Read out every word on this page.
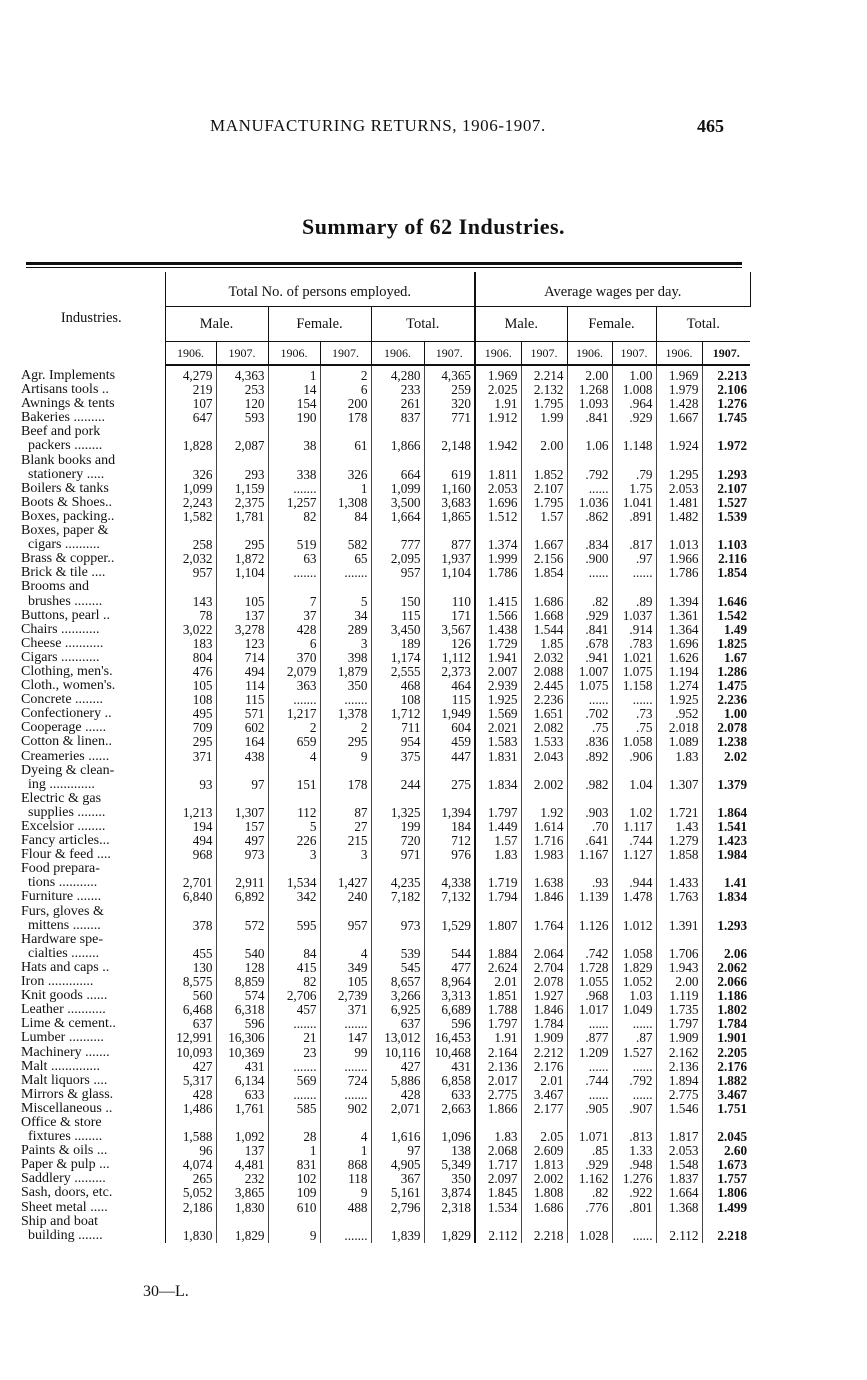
MANUFACTURING RETURNS, 1906-1907.	465
Summary of 62 Industries.
Industries.	Total No. of persons employed.						Average wages per day.					
	Male.		Female.		Total.		Male.		Female.		Total.	
	1906.	1907.	1906.	1907.	1906.	1907.	1906.	1907.	1906.	1907.	1906.	1907.
Agr. Implements	4,279	4,363	1	2	4,280	4,365	1.969	2.214	2.00	1.00	1.969	2.213
Artisans tools ..	219	253	14	6	233	259	2.025	2.132	1.268	1.008	1.979	2.106
Awnings & tents	107	120	154	200	261	320	1.91	1.795	1.093	.964	1.428	1.276
Bakeries .........	647	593	190	178	837	771	1.912	1.99	.841	.929	1.667	1.745
Beef and pork												
packers ........	1,828	2,087	38	61	1,866	2,148	1.942	2.00	1.06	1.148	1.924	1.972
Blank books and												
stationery .....	326	293	338	326	664	619	1.811	1.852	.792	.79	1.295	1.293
Boilers & tanks	1,099	1,159	.......	1	1,099	1,160	2.053	2.107	......	1.75	2.053	2.107
Boots & Shoes..	2,243	2,375	1,257	1,308	3,500	3,683	1.696	1.795	1.036	1.041	1.481	1.527
Boxes, packing..	1,582	1,781	82	84	1,664	1,865	1.512	1.57	.862	.891	1.482	1.539
Boxes, paper &												
cigars ..........	258	295	519	582	777	877	1.374	1.667	.834	.817	1.013	1.103
Brass & copper..	2,032	1,872	63	65	2,095	1,937	1.999	2.156	.900	.97	1.966	2.116
Brick & tile ....	957	1,104	.......	.......	957	1,104	1.786	1.854	......	......	1.786	1.854
Brooms and												
brushes ........	143	105	7	5	150	110	1.415	1.686	.82	.89	1.394	1.646
Buttons, pearl ..	78	137	37	34	115	171	1.566	1.668	.929	1.037	1.361	1.542
Chairs ...........	3,022	3,278	428	289	3,450	3,567	1.438	1.544	.841	.914	1.364	1.49
Cheese ...........	183	123	6	3	189	126	1.729	1.85	.678	.783	1.696	1.825
Cigars ...........	804	714	370	398	1,174	1,112	1.941	2.032	.941	1.021	1.626	1.67
Clothing, men's.	476	494	2,079	1,879	2,555	2,373	2.007	2.088	1.007	1.075	1.194	1.286
Cloth., women's.	105	114	363	350	468	464	2.939	2.445	1.075	1.158	1.274	1.475
Concrete ........	108	115	.......	.......	108	115	1.925	2.236	......	......	1.925	2.236
Confectionery ..	495	571	1,217	1,378	1,712	1,949	1.569	1.651	.702	.73	.952	1.00
Cooperage ......	709	602	2	2	711	604	2.021	2.082	.75	.75	2.018	2.078
Cotton & linen..	295	164	659	295	954	459	1.583	1.533	.836	1.058	1.089	1.238
Creameries ......	371	438	4	9	375	447	1.831	2.043	.892	.906	1.83	2.02
Dyeing & clean-												
ing .............	93	97	151	178	244	275	1.834	2.002	.982	1.04	1.307	1.379
Electric & gas												
supplies ........	1,213	1,307	112	87	1,325	1,394	1.797	1.92	.903	1.02	1.721	1.864
Excelsior ........	194	157	5	27	199	184	1.449	1.614	.70	1.117	1.43	1.541
Fancy articles...	494	497	226	215	720	712	1.57	1.716	.641	.744	1.279	1.423
Flour & feed ....	968	973	3	3	971	976	1.83	1.983	1.167	1.127	1.858	1.984
Food prepara-												
tions ...........	2,701	2,911	1,534	1,427	4,235	4,338	1.719	1.638	.93	.944	1.433	1.41
Furniture .......	6,840	6,892	342	240	7,182	7,132	1.794	1.846	1.139	1.478	1.763	1.834
Furs, gloves &												
mittens ........	378	572	595	957	973	1,529	1.807	1.764	1.126	1.012	1.391	1.293
Hardware spe-												
cialties ........	455	540	84	4	539	544	1.884	2.064	.742	1.058	1.706	2.06
Hats and caps ..	130	128	415	349	545	477	2.624	2.704	1.728	1.829	1.943	2.062
Iron .............	8,575	8,859	82	105	8,657	8,964	2.01	2.078	1.055	1.052	2.00	2.066
Knit goods ......	560	574	2,706	2,739	3,266	3,313	1.851	1.927	.968	1.03	1.119	1.186
Leather ...........	6,468	6,318	457	371	6,925	6,689	1.788	1.846	1.017	1.049	1.735	1.802
Lime & cement..	637	596	.......	.......	637	596	1.797	1.784	......	......	1.797	1.784
Lumber ..........	12,991	16,306	21	147	13,012	16,453	1.91	1.909	.877	.87	1.909	1.901
Machinery .......	10,093	10,369	23	99	10,116	10,468	2.164	2.212	1.209	1.527	2.162	2.205
Malt ..............	427	431	.......	.......	427	431	2.136	2.176	......	......	2.136	2.176
Malt liquors ....	5,317	6,134	569	724	5,886	6,858	2.017	2.01	.744	.792	1.894	1.882
Mirrors & glass.	428	633	.......	.......	428	633	2.775	3.467	......	......	2.775	3.467
Miscellaneous ..	1,486	1,761	585	902	2,071	2,663	1.866	2.177	.905	.907	1.546	1.751
Office & store												
fixtures ........	1,588	1,092	28	4	1,616	1,096	1.83	2.05	1.071	.813	1.817	2.045
Paints & oils ...	96	137	1	1	97	138	2.068	2.609	.85	1.33	2.053	2.60
Paper & pulp ...	4,074	4,481	831	868	4,905	5,349	1.717	1.813	.929	.948	1.548	1.673
Saddlery .........	265	232	102	118	367	350	2.097	2.002	1.162	1.276	1.837	1.757
Sash, doors, etc.	5,052	3,865	109	9	5,161	3,874	1.845	1.808	.82	.922	1.664	1.806
Sheet metal .....	2,186	1,830	610	488	2,796	2,318	1.534	1.686	.776	.801	1.368	1.499
Ship and boat												
building .......	1,830	1,829	9	.......	1,839	1,829	2.112	2.218	1.028	......	2.112	2.218
30—L.
